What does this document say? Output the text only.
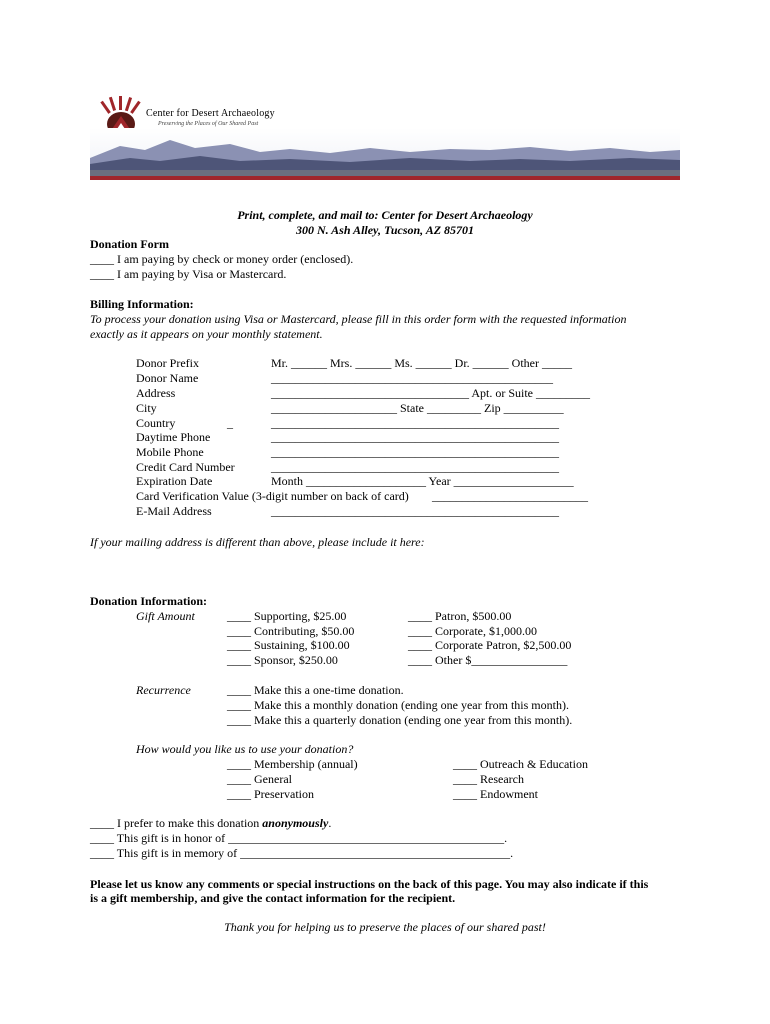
Center for Desert Archaeology
Preserving the Places of Our Shared Past
Print, complete, and mail to: Center for Desert Archaeology
300 N. Ash Alley, Tucson, AZ 85701
Donation Form
____ I am paying by check or money order (enclosed).
____ I am paying by Visa or Mastercard.
Billing Information:
To process your donation using Visa or Mastercard, please fill in this order form with the requested information
exactly as it appears on your monthly statement.
Donor Prefix	Mr. ______ Mrs. ______ Ms. ______ Dr. ______ Other _____
Donor Name	_______________________________________________
Address	_________________________________ Apt. or Suite _________
City	_____________________ State _________ Zip __________
Country	_	________________________________________________
Daytime Phone	________________________________________________
Mobile Phone	________________________________________________
Credit Card Number	________________________________________________
Expiration Date	Month ____________________ Year ____________________
Card Verification Value (3-digit number on back of card) __________________________
E-Mail Address	________________________________________________
If your mailing address is different than above, please include it here:
Donation Information:
Gift Amount	____ Supporting, $25.00
____ Contributing, $50.00
____ Sustaining, $100.00
____ Sponsor, $250.00
____ Patron, $500.00
____ Corporate, $1,000.00
____ Corporate Patron, $2,500.00
____ Other $________________
Recurrence	____ Make this a one-time donation.
____ Make this a monthly donation (ending one year from this month).
____ Make this a quarterly donation (ending one year from this month).
How would you like us to use your donation?
____ Membership (annual)
____ General
____ Preservation
____ Outreach & Education
____ Research
____ Endowment
____ I prefer to make this donation anonymously.
____ This gift is in honor of ______________________________________________.
____ This gift is in memory of _____________________________________________.
Please let us know any comments or special instructions on the back of this page. You may also indicate if this
is a gift membership, and give the contact information for the recipient.
Thank you for helping us to preserve the places of our shared past!
